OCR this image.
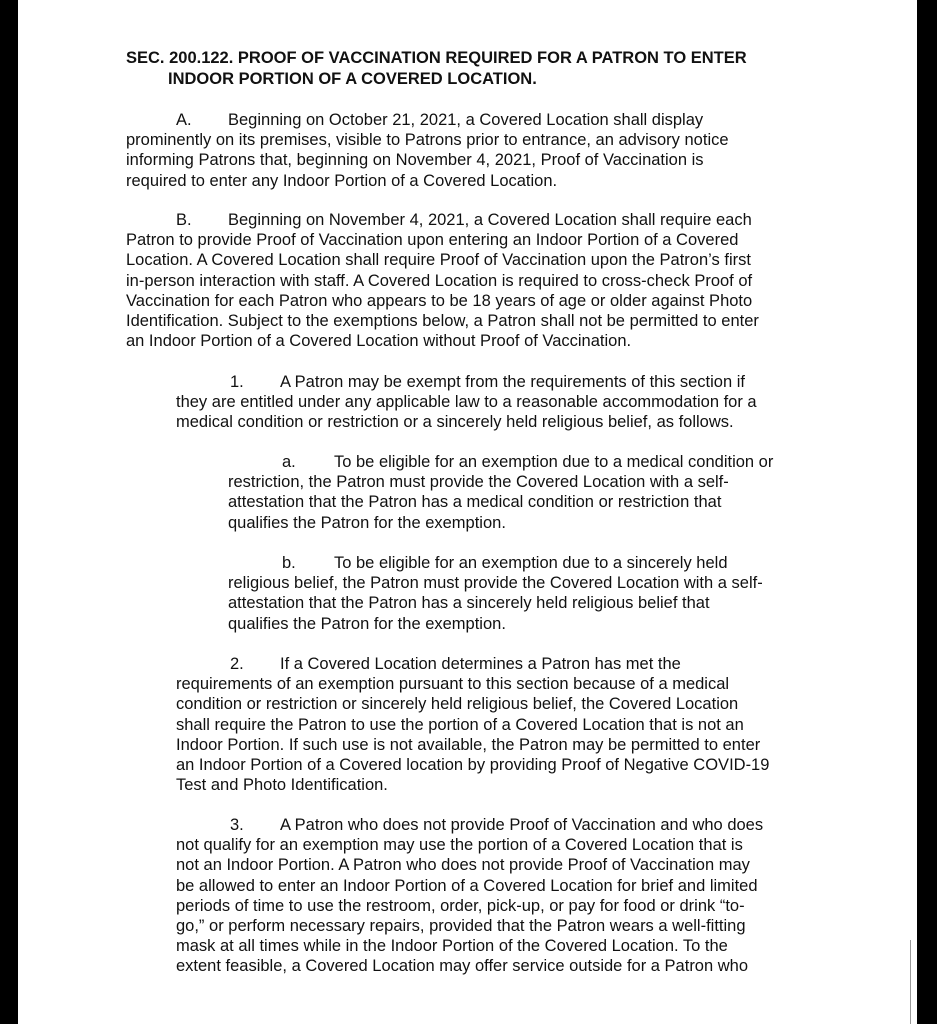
SEC. 200.122. PROOF OF VACCINATION REQUIRED FOR A PATRON TO ENTER
INDOOR PORTION OF A COVERED LOCATION.
A. Beginning on October 21, 2021, a Covered Location shall display
prominently on its premises, visible to Patrons prior to entrance, an advisory notice
informing Patrons that, beginning on November 4, 2021, Proof of Vaccination is
required to enter any Indoor Portion of a Covered Location.
B. Beginning on November 4, 2021, a Covered Location shall require each
Patron to provide Proof of Vaccination upon entering an Indoor Portion of a Covered
Location. A Covered Location shall require Proof of Vaccination upon the Patron’s first
in-person interaction with staff. A Covered Location is required to cross-check Proof of
Vaccination for each Patron who appears to be 18 years of age or older against Photo
Identification. Subject to the exemptions below, a Patron shall not be permitted to enter
an Indoor Portion of a Covered Location without Proof of Vaccination.
1. A Patron may be exempt from the requirements of this section if
they are entitled under any applicable law to a reasonable accommodation for a
medical condition or restriction or a sincerely held religious belief, as follows.
a. To be eligible for an exemption due to a medical condition or
restriction, the Patron must provide the Covered Location with a self-
attestation that the Patron has a medical condition or restriction that
qualifies the Patron for the exemption.
b. To be eligible for an exemption due to a sincerely held
religious belief, the Patron must provide the Covered Location with a self-
attestation that the Patron has a sincerely held religious belief that
qualifies the Patron for the exemption.
2. If a Covered Location determines a Patron has met the
requirements of an exemption pursuant to this section because of a medical
condition or restriction or sincerely held religious belief, the Covered Location
shall require the Patron to use the portion of a Covered Location that is not an
Indoor Portion. If such use is not available, the Patron may be permitted to enter
an Indoor Portion of a Covered location by providing Proof of Negative COVID-19
Test and Photo Identification.
3. A Patron who does not provide Proof of Vaccination and who does
not qualify for an exemption may use the portion of a Covered Location that is
not an Indoor Portion. A Patron who does not provide Proof of Vaccination may
be allowed to enter an Indoor Portion of a Covered Location for brief and limited
periods of time to use the restroom, order, pick-up, or pay for food or drink “to-
go,” or perform necessary repairs, provided that the Patron wears a well-fitting
mask at all times while in the Indoor Portion of the Covered Location. To the
extent feasible, a Covered Location may offer service outside for a Patron who
